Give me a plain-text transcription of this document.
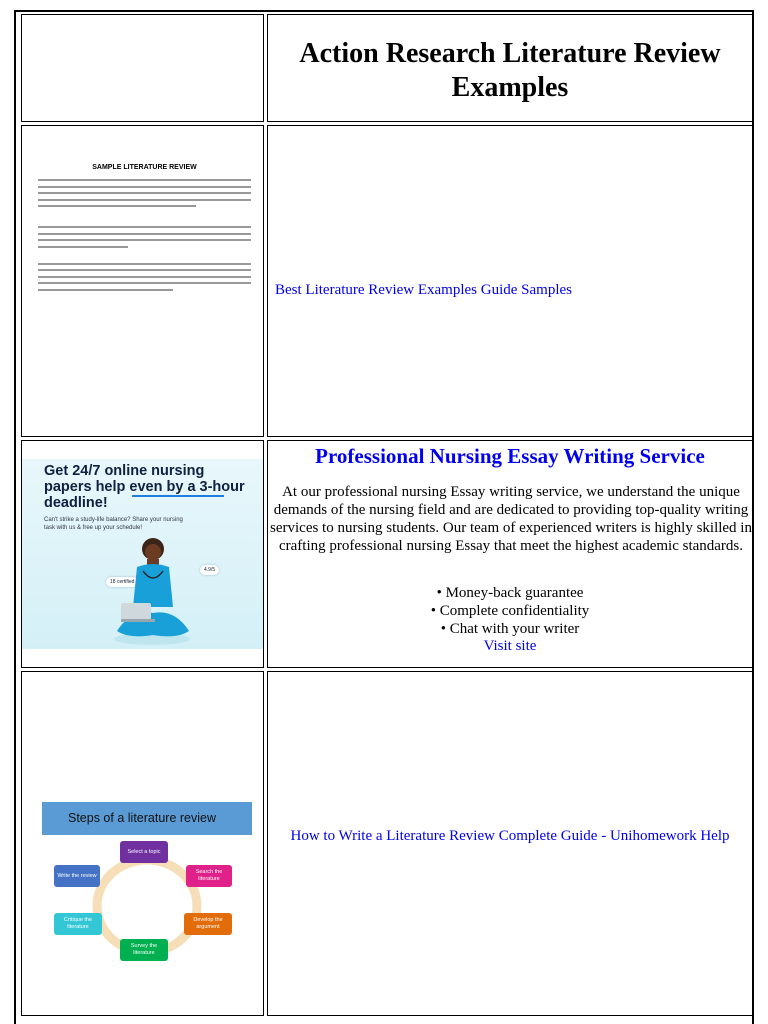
Action Research Literature Review Examples
SAMPLE LITERATURE REVIEW
Best Literature Review Examples Guide Samples
Get 24/7 online nursing papers help even by a 3-hour deadline!
Can't strike a study-life balance? Share your nursing task with us & free up your schedule!
18 certified
4.9/5
Professional Nursing Essay Writing Service
At our professional nursing Essay writing service, we understand the unique demands of the nursing field and are dedicated to providing top-quality writing services to nursing students. Our team of experienced writers is highly skilled in crafting professional nursing Essay that meet the highest academic standards.
• Money-back guarantee
• Complete confidentiality
• Chat with your writer
Visit site
Steps of a literature review
Select a topic
Search the literature
Develop the argument
Survey the literature
Critique the literature
Write the review
How to Write a Literature Review Complete Guide - Unihomework Help
